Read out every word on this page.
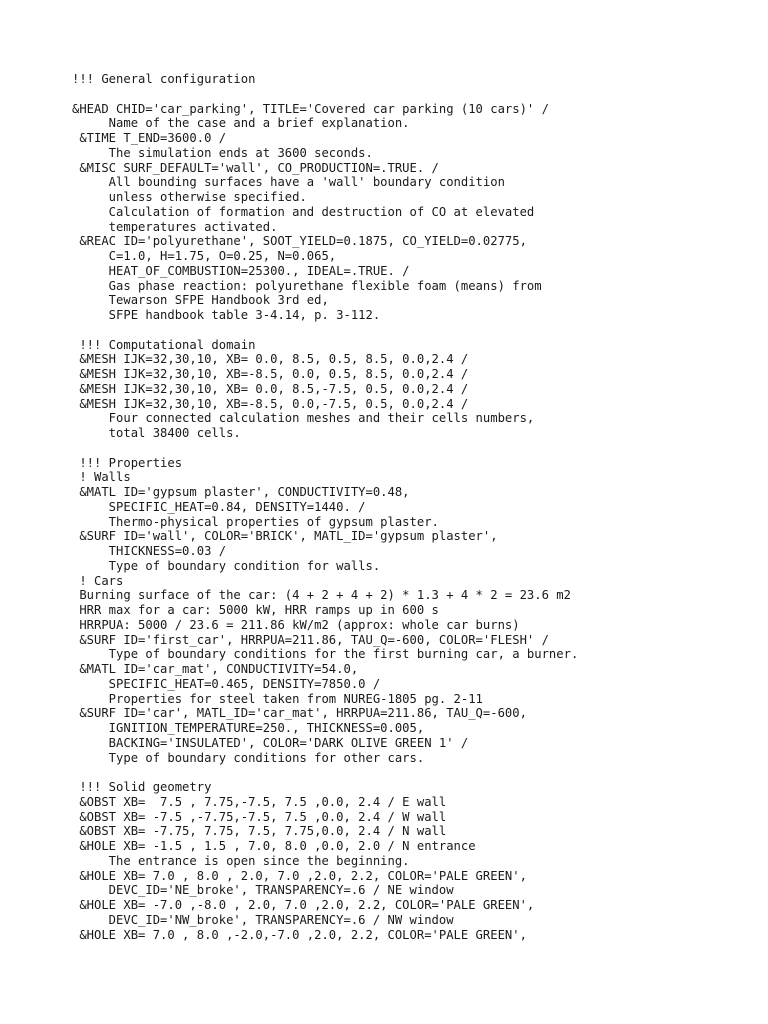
!!! General configuration
&HEAD CHID='car_parking', TITLE='Covered car parking (10 cars)' /
Name of the case and a brief explanation.
&TIME T_END=3600.0 /
The simulation ends at 3600 seconds.
&MISC SURF_DEFAULT='wall', CO_PRODUCTION=.TRUE. /
All bounding surfaces have a 'wall' boundary condition
unless otherwise specified.
Calculation of formation and destruction of CO at elevated
temperatures activated.
&REAC ID='polyurethane', SOOT_YIELD=0.1875, CO_YIELD=0.02775,
C=1.0, H=1.75, O=0.25, N=0.065,
HEAT_OF_COMBUSTION=25300., IDEAL=.TRUE. /
Gas phase reaction: polyurethane flexible foam (means) from
Tewarson SFPE Handbook 3rd ed,
SFPE handbook table 3-4.14, p. 3-112.
!!! Computational domain
&MESH IJK=32,30,10, XB= 0.0, 8.5, 0.5, 8.5, 0.0,2.4 /
&MESH IJK=32,30,10, XB=-8.5, 0.0, 0.5, 8.5, 0.0,2.4 /
&MESH IJK=32,30,10, XB= 0.0, 8.5,-7.5, 0.5, 0.0,2.4 /
&MESH IJK=32,30,10, XB=-8.5, 0.0,-7.5, 0.5, 0.0,2.4 /
Four connected calculation meshes and their cells numbers,
total 38400 cells.
!!! Properties
! Walls
&MATL ID='gypsum plaster', CONDUCTIVITY=0.48,
SPECIFIC_HEAT=0.84, DENSITY=1440. /
Thermo-physical properties of gypsum plaster.
&SURF ID='wall', COLOR='BRICK', MATL_ID='gypsum plaster',
THICKNESS=0.03 /
Type of boundary condition for walls.
! Cars
Burning surface of the car: (4 + 2 + 4 + 2) * 1.3 + 4 * 2 = 23.6 m2
HRR max for a car: 5000 kW, HRR ramps up in 600 s
HRRPUA: 5000 / 23.6 = 211.86 kW/m2 (approx: whole car burns)
&SURF ID='first_car', HRRPUA=211.86, TAU_Q=-600, COLOR='FLESH' /
Type of boundary conditions for the first burning car, a burner.
&MATL ID='car_mat', CONDUCTIVITY=54.0,
SPECIFIC_HEAT=0.465, DENSITY=7850.0 /
Properties for steel taken from NUREG-1805 pg. 2-11
&SURF ID='car', MATL_ID='car_mat', HRRPUA=211.86, TAU_Q=-600,
IGNITION_TEMPERATURE=250., THICKNESS=0.005,
BACKING='INSULATED', COLOR='DARK OLIVE GREEN 1' /
Type of boundary conditions for other cars.
!!! Solid geometry
&OBST XB=  7.5 , 7.75,-7.5, 7.5 ,0.0, 2.4 / E wall
&OBST XB= -7.5 ,-7.75,-7.5, 7.5 ,0.0, 2.4 / W wall
&OBST XB= -7.75, 7.75, 7.5, 7.75,0.0, 2.4 / N wall
&HOLE XB= -1.5 , 1.5 , 7.0, 8.0 ,0.0, 2.0 / N entrance
The entrance is open since the beginning.
&HOLE XB= 7.0 , 8.0 , 2.0, 7.0 ,2.0, 2.2, COLOR='PALE GREEN',
DEVC_ID='NE_broke', TRANSPARENCY=.6 / NE window
&HOLE XB= -7.0 ,-8.0 , 2.0, 7.0 ,2.0, 2.2, COLOR='PALE GREEN',
DEVC_ID='NW_broke', TRANSPARENCY=.6 / NW window
&HOLE XB= 7.0 , 8.0 ,-2.0,-7.0 ,2.0, 2.2, COLOR='PALE GREEN',
